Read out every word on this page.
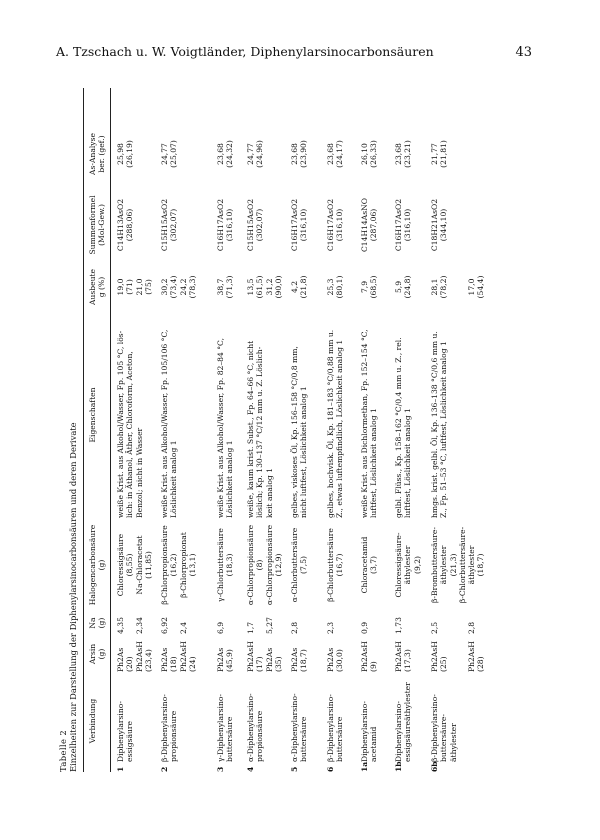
A. Tzschach u. W. Voigtländer, Diphenylarsinocarbonsäuren	43
Tabelle 2 Einzelheiten zur Darstellung der Diphenylarsinocarbonsäuren und deren Derivate Verbindung
Arsin
(g)
Na
(g)
Halogencarbonsäure
(g)
Eigenschaften
Ausbeute
g (%)
Summenformel
(Mol-Gew.)
As-Analyse
ber. (gef.)
1
Diphenylarsino-
essigsäure
Ph2As
(20)
Ph2AsH
(23,4)
4,35

2,34
Chloressigsäure
(8,55)
Na-Chloracetat
(11,85)
weiße Krist. aus Alkohol/Wasser, Fp. 105 °C, lös-
lich: in Äthanol, Äther, Chloroform, Aceton,
Benzol; nicht in Wasser
19,0
(71)
21,0
(75)
C14H13AsO2
(288,06)
25,98
(26,19)
2
β-Diphenylarsino-
propionsäure
Ph2As
(18)
Ph2AsH
(24)
6,92

2,4
β-Chlorpropionsäure
(16,2)
β-Chlorpropionat
(13,1)
weiße Krist. aus Alkohol/Wasser, Fp. 105/106 °C,
Löslichkeit analog 1
30,2
(73,4)
24,2
(78,3)
C15H15AsO2
(302,07)
24,77
(25,07)
3
γ-Diphenylarsino-
buttersäure
Ph2As
(45,9)
6,9
γ-Chlorbuttersäure
(18,3)
weiße Krist. aus Alkohol/Wasser, Fp. 82–84 °C,
Löslichkeit analog 1
38,7
(71,3)
C16H17AsO2
(316,10)
23,68
(24,32)
4
α-Diphenylarsino-
propionsäure
Ph2AsH
(17)
Ph2As
(35)
1,7

5,27
α-Chlorpropionsäure
(8)
α-Chlorpropionsäure
(12,9)
weiße, kaum krist. Subst., Fp. 64–66 °C, nicht
löslich; Kp. 130–137 °C/12 mm u. Z. Löslich-
keit analog 1
13,5
(61,5)
31,2
(90,0)
C15H15AsO2
(302,07)
24,77
(24,96)
5
α-Diphenylarsino-
buttersäure
Ph2As
(18,7)
2,8
α-Chlorbuttersäure
(7,5)
gelbes, viskoses Öl, Kp. 156–158 °C/0,8 mm,
nicht luftfest, Löslichkeit analog 1
4,2
(21,8)
C16H17AsO2
(316,10)
23,68
(23,90)
6
β-Diphenylarsino-
buttersäure
Ph2As
(30,0)
2,3
β-Chlorbuttersäure
(16,7)
gelbes, hochvisk. Öl, Kp. 181–183 °C/0,88 mm u.
Z., etwas luftempfindlich, Löslichkeit analog 1
25,3
(80,1)
C16H17AsO2
(316,10)
23,68
(24,17)
1a
Diphenylarsino-
acetamid
Ph2AsH
(9)
0,9
Chloracetamid
(3,7)
weiße Krist. aus Dichlormethan, Fp. 152–154 °C,
luftfest, Löslichkeit analog 1
7,9
(68,5)
C14H14AsNO
(287,06)
26,10
(26,33)
1b
Diphenylarsino-
essigsäureäthylester
Ph2AsH
(17,3)
1,73
Chloressigsäure-
äthylester
(9,2)
gelbl. Flüss., Kp. 158–162 °C/0,4 mm u. Z., rel.
luftfest, Löslichkeit analog 1
5,9
(24,8)
C16H17AsO2
(316,10)
23,68
(23,21)
6b
β-Diphenylarsino-
buttersäure-
äthylester
Ph2AsH
(25)

Ph2AsH
(28)
2,5

2,8
β-Brombuttersäure-
äthylester
(21,3)
β-Chlorbuttersäure-
äthylester
(18,7)
hmgs. krist. gelbl. Öl, Kp. 136–138 °C/0,6 mm u.
Z., Fp. 51–53 °C, luftfest, Löslichkeit analog 1
28,1
(78,2)

17,0
(54,4)
C18H21AsO2
(344,10)
21,77
(21,81)
